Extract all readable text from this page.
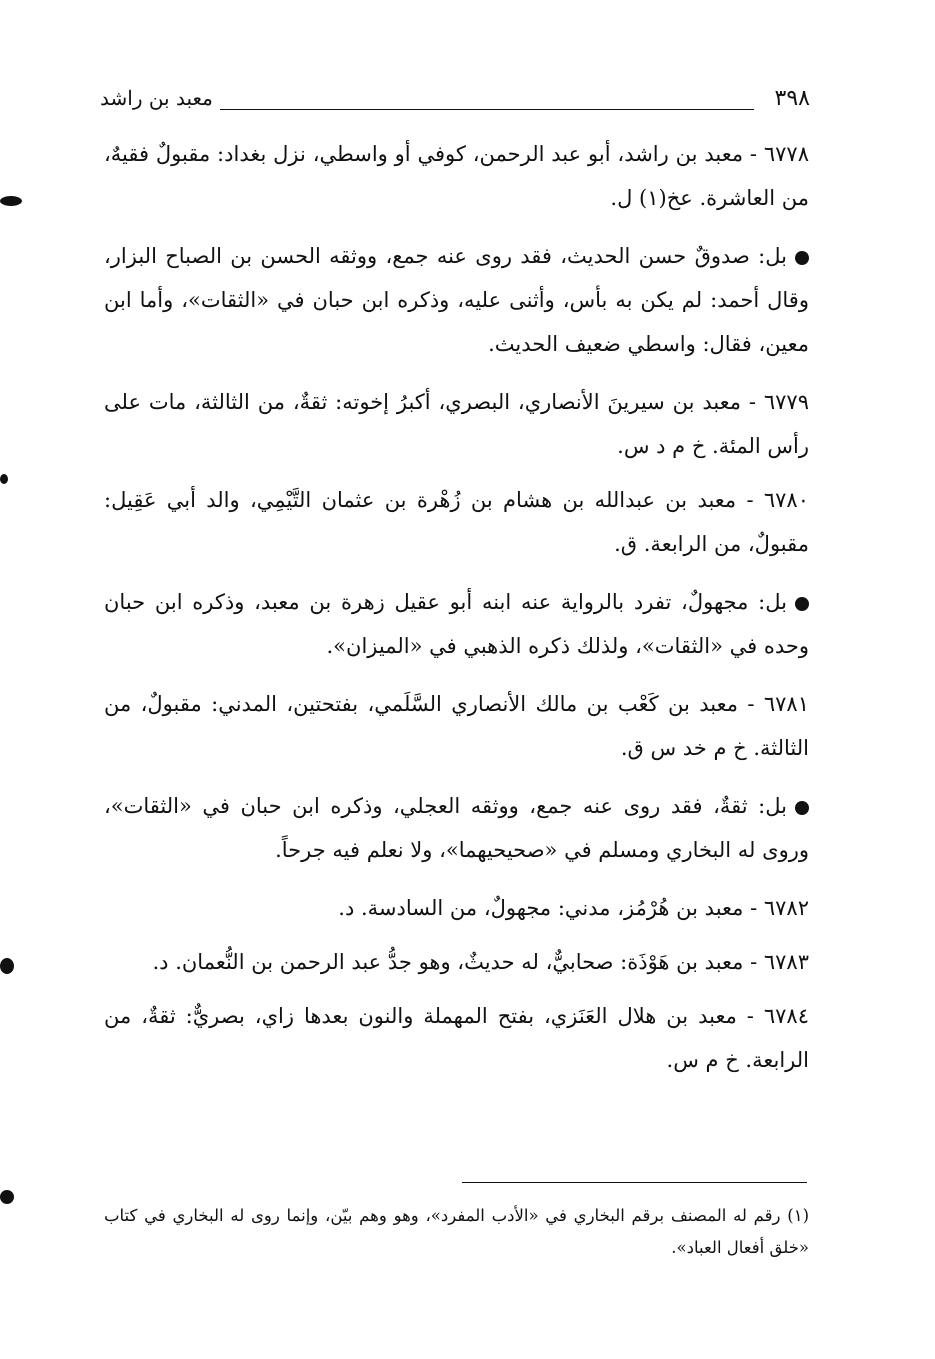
٣٩٨
معبد بن راشد

٦٧٧٨ - معبد بن راشد، أبو عبد الرحمن، كوفي أو واسطي، نزل بغداد: مقبولٌ فقيهٌ، من العاشرة. عخ(١) ل.

بل: صدوقٌ حسن الحديث، فقد روى عنه جمع، ووثقه الحسن بن الصباح البزار، وقال أحمد: لم يكن به بأس، وأثنى عليه، وذكره ابن حبان في «الثقات»، وأما ابن معين، فقال: واسطي ضعيف الحديث.

٦٧٧٩ - معبد بن سيرينَ الأنصاري، البصري، أكبرُ إخوته: ثقةٌ، من الثالثة، مات على رأس المئة. خ م د س.

٦٧٨٠ - معبد بن عبدالله بن هشام بن زُهْرة بن عثمان التَّيْمِي، والد أبي عَقِيل: مقبولٌ، من الرابعة. ق.

بل: مجهولٌ، تفرد بالرواية عنه ابنه أبو عقيل زهرة بن معبد، وذكره ابن حبان وحده في «الثقات»، ولذلك ذكره الذهبي في «الميزان».

٦٧٨١ - معبد بن كَعْب بن مالك الأنصاري السَّلَمي، بفتحتين، المدني: مقبولٌ، من الثالثة. خ م خد س ق.

بل: ثقةٌ، فقد روى عنه جمع، ووثقه العجلي، وذكره ابن حبان في «الثقات»، وروى له البخاري ومسلم في «صحيحيهما»، ولا نعلم فيه جرحاً.

٦٧٨٢ - معبد بن هُرْمُز، مدني: مجهولٌ، من السادسة. د.

٦٧٨٣ - معبد بن هَوْذَة: صحابيٌّ، له حديثٌ، وهو جدُّ عبد الرحمن بن النُّعمان. د.

٦٧٨٤ - معبد بن هلال العَنَزي، بفتح المهملة والنون بعدها زاي، بصريٌّ: ثقةٌ، من الرابعة. خ م س.

(١) رقم له المصنف برقم البخاري في «الأدب المفرد»، وهو وهم بيّن، وإنما روى له البخاري في كتاب «خلق أفعال العباد».
